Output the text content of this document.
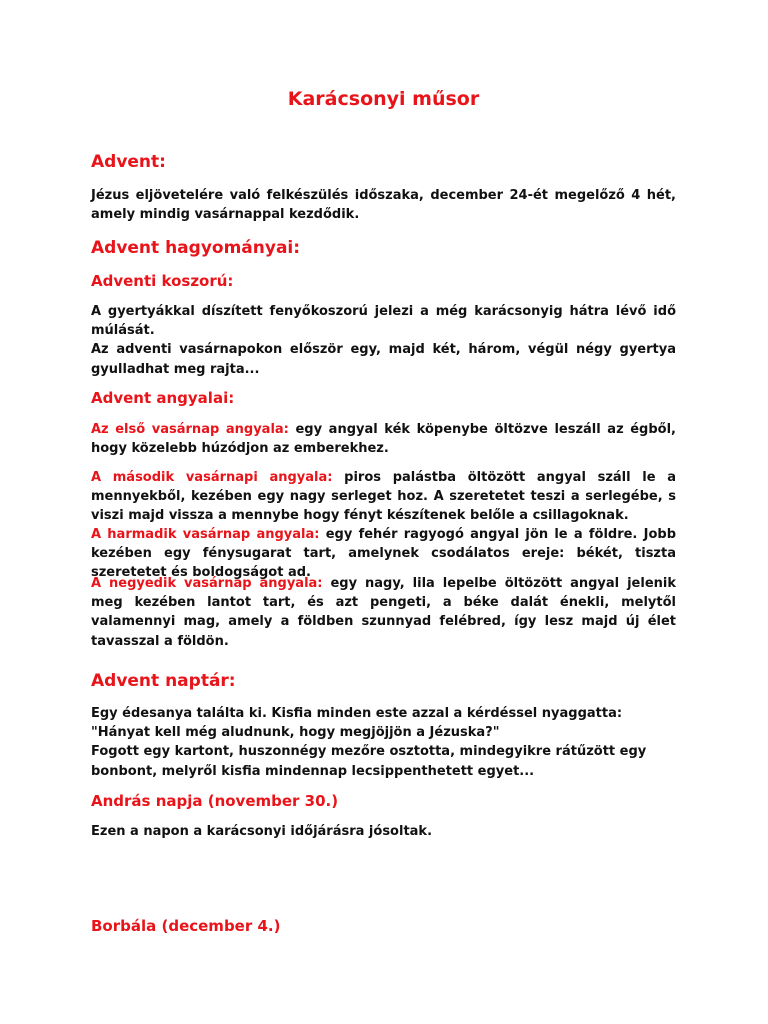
Karácsonyi műsor
Advent:
Jézus eljövetelére való felkészülés időszaka, december 24-ét megelőző 4 hét, amely mindig vasárnappal kezdődik.
Advent hagyományai:
Adventi koszorú:
A gyertyákkal díszített fenyőkoszorú jelezi a még karácsonyig hátra lévő idő múlását.
Az adventi vasárnapokon először egy, majd két, három, végül négy gyertya gyulladhat meg rajta...
Advent angyalai:
Az első vasárnap angyala: egy angyal kék köpenybe öltözve leszáll az égből, hogy közelebb húzódjon az emberekhez.
A második vasárnapi angyala: piros palástba öltözött angyal száll le a mennyekből, kezében egy nagy serleget hoz. A szeretetet teszi a serlegébe, s viszi majd vissza a mennybe hogy fényt készítenek belőle a csillagoknak.
A harmadik vasárnap angyala: egy fehér ragyogó angyal jön le a földre. Jobb kezében egy fénysugarat tart, amelynek csodálatos ereje: békét, tiszta szeretetet és boldogságot ad.
A negyedik vasárnap angyala: egy nagy, lila lepelbe öltözött angyal jelenik meg kezében lantot tart, és azt pengeti, a béke dalát énekli, melytől valamennyi mag, amely a földben szunnyad felébred, így lesz majd új élet tavasszal a földön.
Advent naptár:
Egy édesanya találta ki. Kisfia minden este azzal a kérdéssel nyaggatta: "Hányat kell még aludnunk, hogy megjöjjön a Jézuska?"
Fogott egy kartont, huszonnégy mezőre osztotta, mindegyikre rátűzött egy bonbont, melyről kisfia mindennap lecsippenthetett egyet...
András napja (november 30.)
Ezen a napon a karácsonyi időjárásra jósoltak.
Borbála (december 4.)
